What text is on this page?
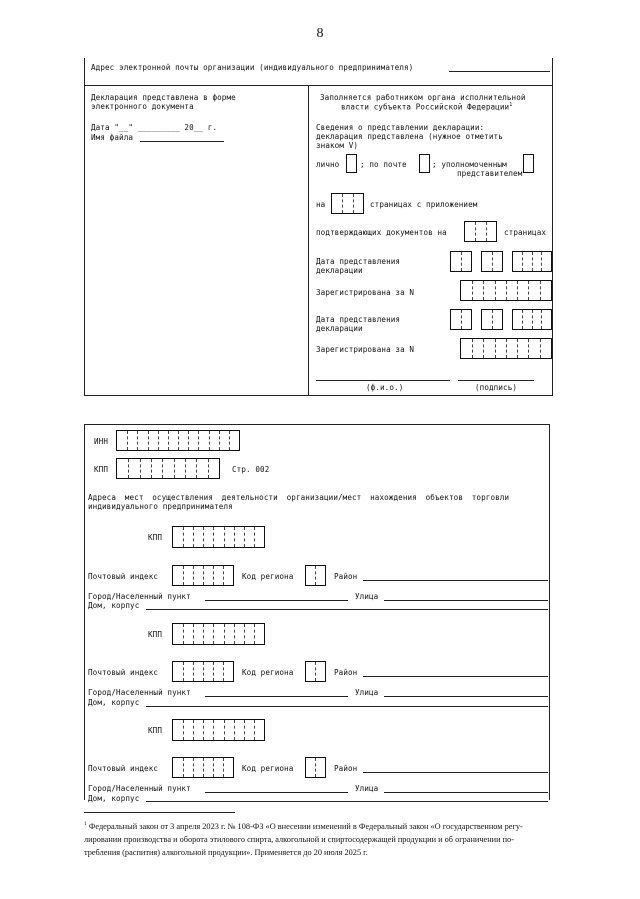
8
Адрес электронной почты организации (индивидуального предпринимателя)
Декларация представлена в форме
электронного документа
Дата "__" _________ 20__ г.
Имя файла
Заполняется работником органа исполнительной
власти субъекта Российской Федерации$^1$
Сведения о представлении декларации:
декларация представлена (нужное отметить
знаком V)
лично	; по почте	; уполномоченным
представителем
на	страницах с приложением
подтверждающих документов на	страницах
Дата представления
декларации
Зарегистрирована за N
Дата представления
декларации
Зарегистрирована за N
(ф.и.о.)	(подпись)
ИНН
КПП	Стр. 002
Адреса мест осуществления деятельности организации/мест нахождения объектов торговли
индивидуального предпринимателя
КПП
Почтовый индекс	Код региона	Район
Город/Населенный пункт	Улица
Дом, корпус
КПП
Почтовый индекс	Код региона	Район
Город/Населенный пункт	Улица
Дом, корпус
КПП
Почтовый индекс	Код региона	Район
Город/Населенный пункт	Улица
Дом, корпус
$^1$ Федеральный закон от 3 апреля 2023 г. № 108-ФЗ «О внесении изменений в Федеральный закон «О государственном регу-
лировании производства и оборота этилового спирта, алкогольной и спиртосодержащей продукции и об ограничении по-
требления (распития) алкогольной продукции». Применяется до 20 июля 2025 г.
